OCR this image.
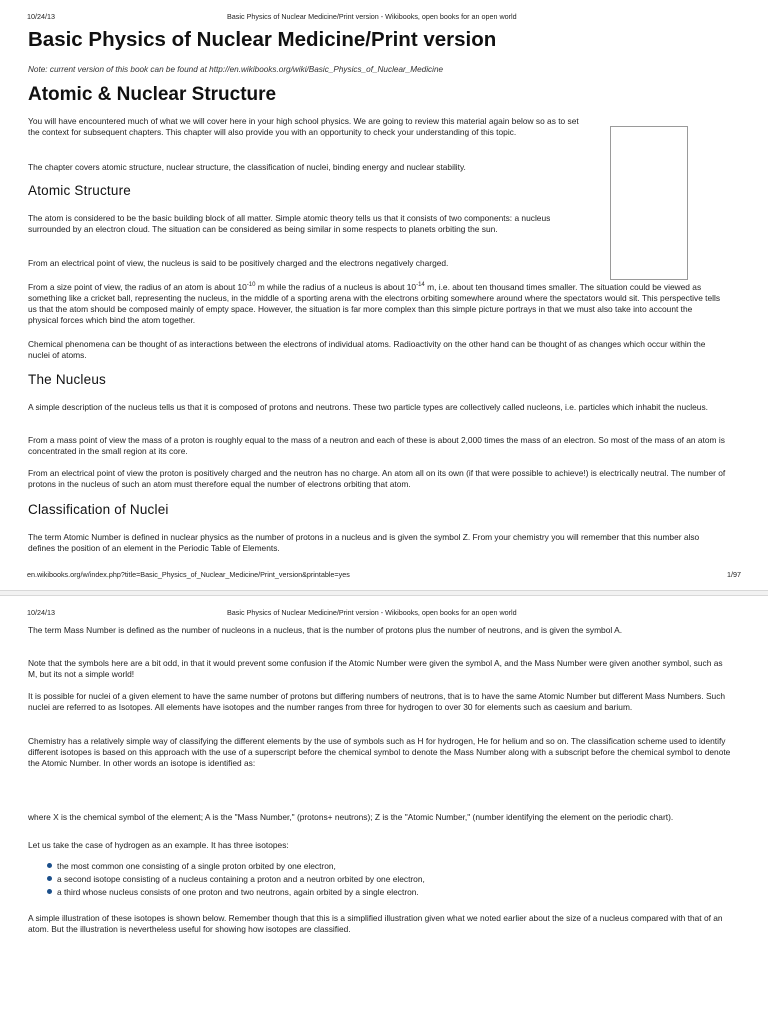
10/24/13	Basic Physics of Nuclear Medicine/Print version - Wikibooks, open books for an open world
Basic Physics of Nuclear Medicine/Print version

Note: current version of this book can be found at http://en.wikibooks.org/wiki/Basic_Physics_of_Nuclear_Medicine

Atomic & Nuclear Structure

You will have encountered much of what we will cover here in your high school physics. We are going to review this material again below so as to set the context for subsequent chapters. This chapter will also provide you with an opportunity to check your understanding of this topic.

The chapter covers atomic structure, nuclear structure, the classification of nuclei, binding energy and nuclear stability.

Atomic Structure

The atom is considered to be the basic building block of all matter. Simple atomic theory tells us that it consists of two components: a nucleus surrounded by an electron cloud. The situation can be considered as being similar in some respects to planets orbiting the sun.

From an electrical point of view, the nucleus is said to be positively charged and the electrons negatively charged.

From a size point of view, the radius of an atom is about $10^{-10}$ m while the radius of a nucleus is about $10^{-14}$ m, i.e. about ten thousand times smaller. The situation could be viewed as something like a cricket ball, representing the nucleus, in the middle of a sporting arena with the electrons orbiting somewhere around where the spectators would sit. This perspective tells us that the atom should be composed mainly of empty space. However, the situation is far more complex than this simple picture portrays in that we must also take into account the physical forces which bind the atom together.

Chemical phenomena can be thought of as interactions between the electrons of individual atoms. Radioactivity on the other hand can be thought of as changes which occur within the nuclei of atoms.

The Nucleus

A simple description of the nucleus tells us that it is composed of protons and neutrons. These two particle types are collectively called nucleons, i.e. particles which inhabit the nucleus.

From a mass point of view the mass of a proton is roughly equal to the mass of a neutron and each of these is about 2,000 times the mass of an electron. So most of the mass of an atom is concentrated in the small region at its core.

From an electrical point of view the proton is positively charged and the neutron has no charge. An atom all on its own (if that were possible to achieve!) is electrically neutral. The number of protons in the nucleus of such an atom must therefore equal the number of electrons orbiting that atom.

Classification of Nuclei

The term Atomic Number is defined in nuclear physics as the number of protons in a nucleus and is given the symbol Z. From your chemistry you will remember that this number also defines the position of an element in the Periodic Table of Elements.

en.wikibooks.org/w/index.php?title=Basic_Physics_of_Nuclear_Medicine/Print_version&printable=yes	1/97
10/24/13	Basic Physics of Nuclear Medicine/Print version - Wikibooks, open books for an open world

The term Mass Number is defined as the number of nucleons in a nucleus, that is the number of protons plus the number of neutrons, and is given the symbol A.

Note that the symbols here are a bit odd, in that it would prevent some confusion if the Atomic Number were given the symbol A, and the Mass Number were given another symbol, such as M, but its not a simple world!

It is possible for nuclei of a given element to have the same number of protons but differing numbers of neutrons, that is to have the same Atomic Number but different Mass Numbers. Such nuclei are referred to as Isotopes. All elements have isotopes and the number ranges from three for hydrogen to over 30 for elements such as caesium and barium.

Chemistry has a relatively simple way of classifying the different elements by the use of symbols such as H for hydrogen, He for helium and so on. The classification scheme used to identify different isotopes is based on this approach with the use of a superscript before the chemical symbol to denote the Mass Number along with a subscript before the chemical symbol to denote the Atomic Number. In other words an isotope is identified as:

where X is the chemical symbol of the element; A is the "Mass Number," (protons+ neutrons); Z is the "Atomic Number," (number identifying the element on the periodic chart).

Let us take the case of hydrogen as an example. It has three isotopes:

the most common one consisting of a single proton orbited by one electron,
a second isotope consisting of a nucleus containing a proton and a neutron orbited by one electron,
a third whose nucleus consists of one proton and two neutrons, again orbited by a single electron.

A simple illustration of these isotopes is shown below. Remember though that this is a simplified illustration given what we noted earlier about the size of a nucleus compared with that of an atom. But the illustration is nevertheless useful for showing how isotopes are classified.
